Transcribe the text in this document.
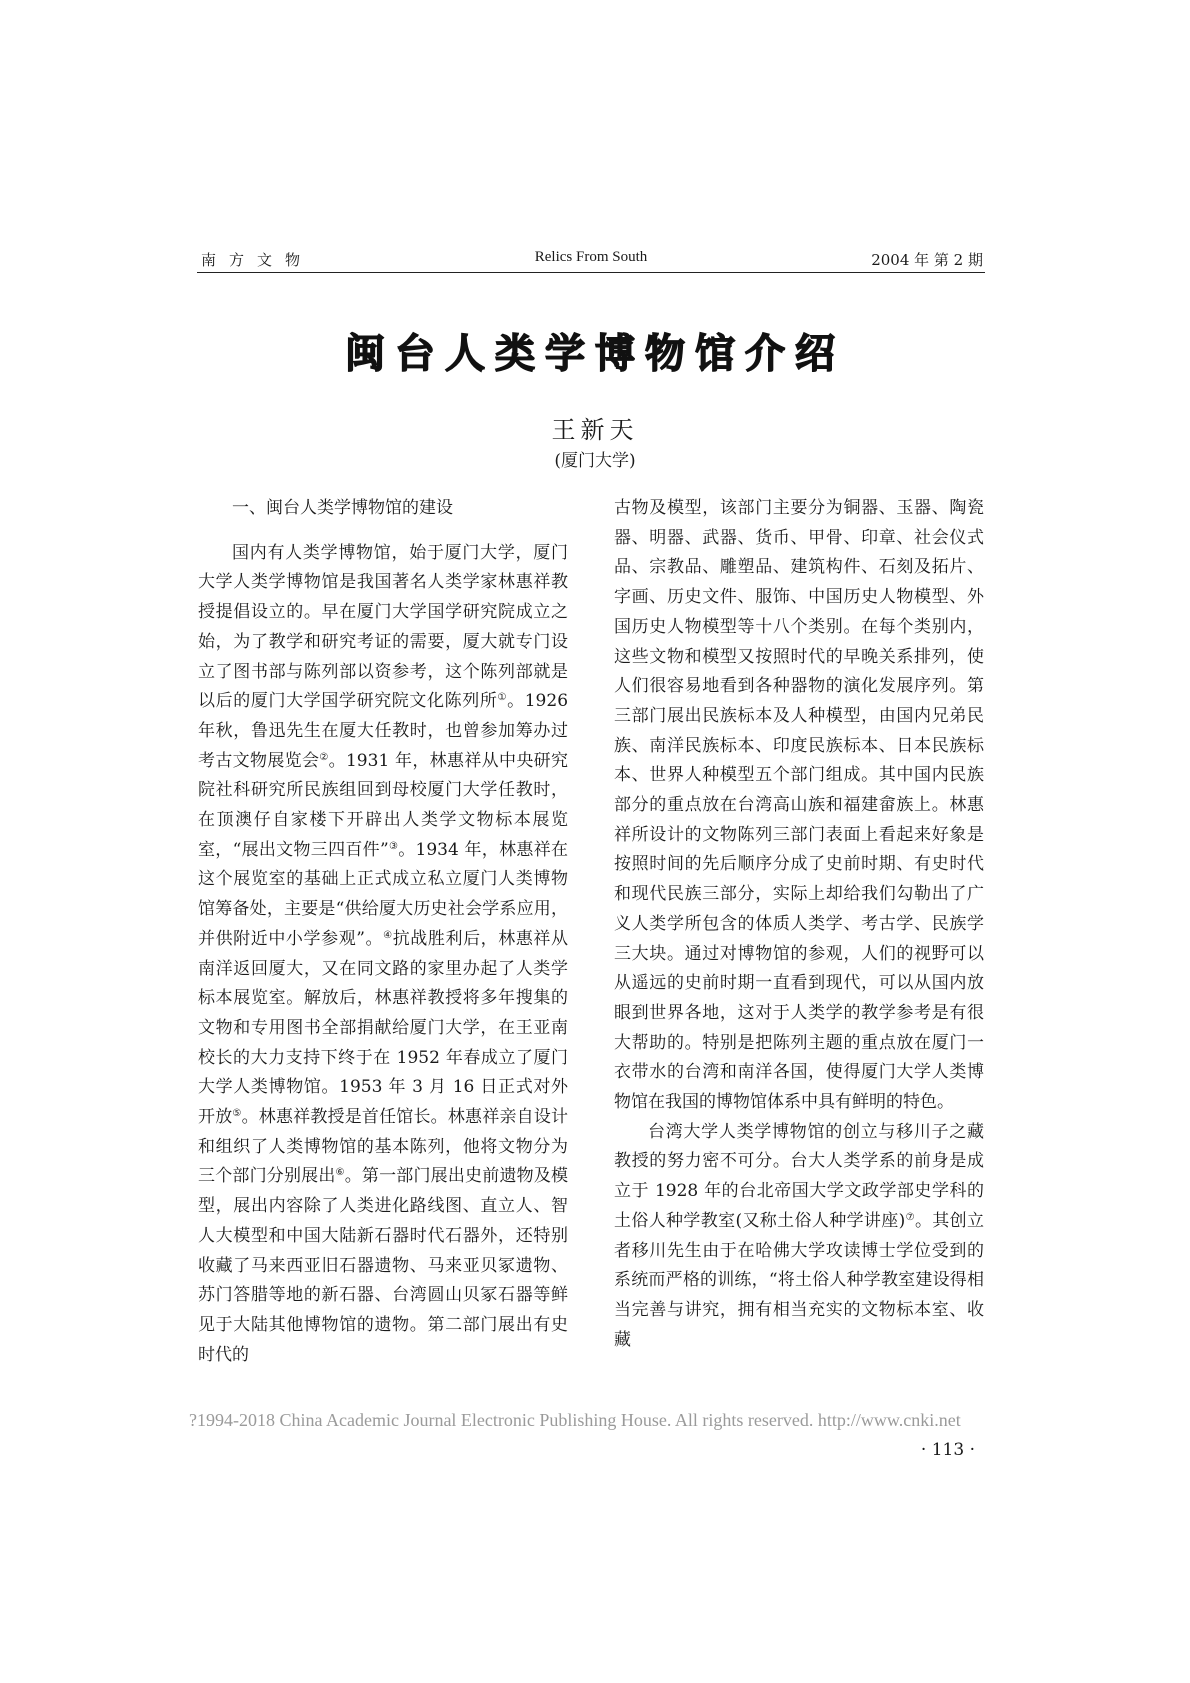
南方文物	Relics From South	2004 年 第 2 期
闽台人类学博物馆介绍
王新天
(厦门大学)

一、闽台人类学博物馆的建设

国内有人类学博物馆，始于厦门大学，厦门大学人类学博物馆是我国著名人类学家林惠祥教授提倡设立的。早在厦门大学国学研究院成立之始，为了教学和研究考证的需要，厦大就专门设立了图书部与陈列部以资参考，这个陈列部就是以后的厦门大学国学研究院文化陈列所①。1926 年秋，鲁迅先生在厦大任教时，也曾参加筹办过考古文物展览会②。1931 年，林惠祥从中央研究院社科研究所民族组回到母校厦门大学任教时，在顶澳仔自家楼下开辟出人类学文物标本展览室，“展出文物三四百件”③。1934 年，林惠祥在这个展览室的基础上正式成立私立厦门人类博物馆筹备处，主要是“供给厦大历史社会学系应用，并供附近中小学参观”。④抗战胜利后，林惠祥从南洋返回厦大，又在同文路的家里办起了人类学标本展览室。解放后，林惠祥教授将多年搜集的文物和专用图书全部捐献给厦门大学，在王亚南校长的大力支持下终于在 1952 年春成立了厦门大学人类博物馆。1953 年 3 月 16 日正式对外开放⑤。林惠祥教授是首任馆长。林惠祥亲自设计和组织了人类博物馆的基本陈列，他将文物分为三个部门分别展出⑥。第一部门展出史前遗物及模型，展出内容除了人类进化路线图、直立人、智人大模型和中国大陆新石器时代石器外，还特别收藏了马来西亚旧石器遗物、马来亚贝冢遗物、苏门答腊等地的新石器、台湾圆山贝冢石器等鲜见于大陆其他博物馆的遗物。第二部门展出有史时代的

古物及模型，该部门主要分为铜器、玉器、陶瓷器、明器、武器、货币、甲骨、印章、社会仪式品、宗教品、雕塑品、建筑构件、石刻及拓片、字画、历史文件、服饰、中国历史人物模型、外国历史人物模型等十八个类别。在每个类别内，这些文物和模型又按照时代的早晚关系排列，使人们很容易地看到各种器物的演化发展序列。第三部门展出民族标本及人种模型，由国内兄弟民族、南洋民族标本、印度民族标本、日本民族标本、世界人种模型五个部门组成。其中国内民族部分的重点放在台湾高山族和福建畲族上。林惠祥所设计的文物陈列三部门表面上看起来好象是按照时间的先后顺序分成了史前时期、有史时代和现代民族三部分，实际上却给我们勾勒出了广义人类学所包含的体质人类学、考古学、民族学三大块。通过对博物馆的参观，人们的视野可以从遥远的史前时期一直看到现代，可以从国内放眼到世界各地，这对于人类学的教学参考是有很大帮助的。特别是把陈列主题的重点放在厦门一衣带水的台湾和南洋各国，使得厦门大学人类博物馆在我国的博物馆体系中具有鲜明的特色。

台湾大学人类学博物馆的创立与移川子之藏教授的努力密不可分。台大人类学系的前身是成立于 1928 年的台北帝国大学文政学部史学科的土俗人种学教室(又称土俗人种学讲座)⑦。其创立者移川先生由于在哈佛大学攻读博士学位受到的系统而严格的训练，“将土俗人种学教室建设得相当完善与讲究，拥有相当充实的文物标本室、收藏

?1994-2018 China Academic Journal Electronic Publishing House. All rights reserved. http://www.cnki.net
· 113 ·
